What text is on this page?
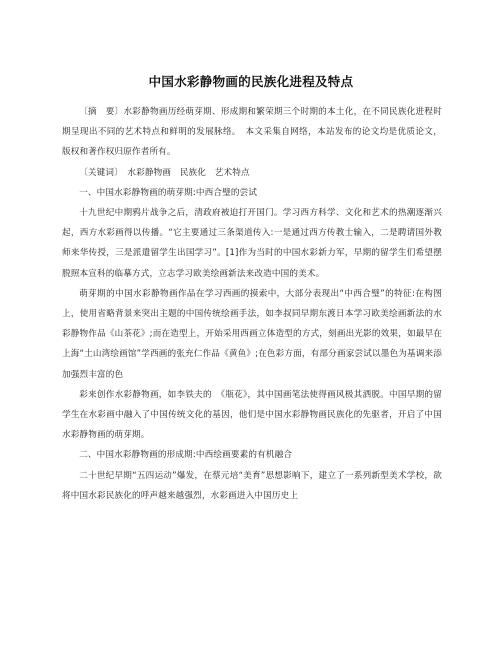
中国水彩静物画的民族化进程及特点

〔摘　要〕水彩静物画历经萌芽期、形成期和繁荣期三个时期的本土化，在不同民族化进程时期呈现出不同的艺术特点和鲜明的发展脉络。　本文采集自网络，本站发布的论文均是优质论文，版权和著作权归原作者所有。

〔关键词〕　水彩静物画　民族化　艺术特点

一、中国水彩静物画的萌芽期:中西合璧的尝试

十九世纪中期鸦片战争之后，清政府被迫打开国门。学习西方科学、文化和艺术的热潮逐渐兴起，西方水彩画得以传播。“它主要通过三条渠道传入:一是通过西方传教士输入，二是聘请国外教师来华传授，三是派遣留学生出国学习”。[1]作为当时的中国水彩新力军，早期的留学生们希望摆脱照本宣科的临摹方式，立志学习欧美绘画新法来改造中国的美术。

萌芽期的中国水彩静物画作品在学习西画的摸索中，大部分表现出“中西合璧”的特征:在构图上，使用省略背景来突出主题的中国传统绘画手法，如李叔同早期东渡日本学习欧美绘画新法的水彩静物作品《山茶花》;而在造型上，开始采用西画立体造型的方式，刻画出光影的效果，如最早在上海“土山湾绘画馆”学西画的张充仁作品《黄鱼》;在色彩方面，有部分画家尝试以墨色为基调来添加强烈丰富的色

彩来创作水彩静物画，如李铁夫的　《瓶花》，其中国画笔法使得画风极其洒脱。中国早期的留学生在水彩画中融入了中国传统文化的基因，他们是中国水彩静物画民族化的先驱者，开启了中国水彩静物画的萌芽期。

二、中国水彩静物画的形成期:中西绘画要素的有机融合

二十世纪早期“五四运动”爆发，在蔡元培“美育”思想影响下，建立了一系列新型美术学校，欲将中国水彩民族化的呼声越来越强烈，水彩画进入中国历史上
